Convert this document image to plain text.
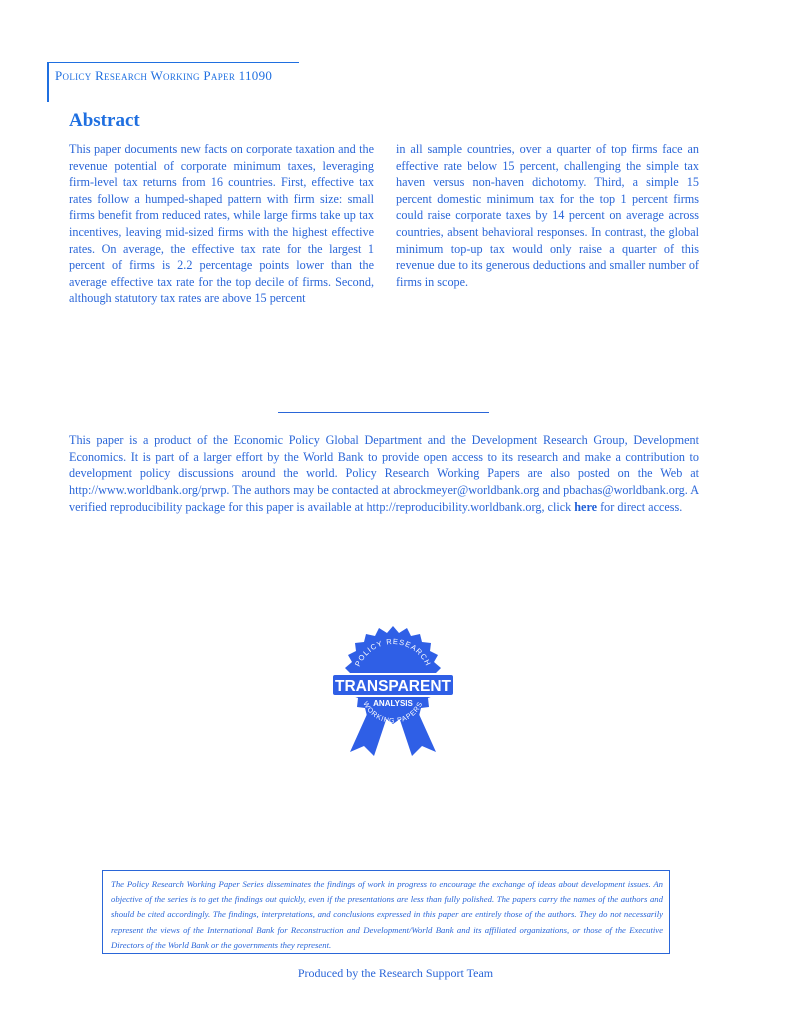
Policy Research Working Paper 11090
Abstract
This paper documents new facts on corporate taxation and the revenue potential of corporate minimum taxes, leveraging firm-level tax returns from 16 countries. First, effective tax rates follow a humped-shaped pattern with firm size: small firms benefit from reduced rates, while large firms take up tax incentives, leaving mid-sized firms with the highest effective rates. On average, the effective tax rate for the largest 1 percent of firms is 2.2 percentage points lower than the average effective tax rate for the top decile of firms. Second, although statutory tax rates are above 15 percent
in all sample countries, over a quarter of top firms face an effective rate below 15 percent, challenging the simple tax haven versus non-haven dichotomy. Third, a simple 15 percent domestic minimum tax for the top 1 percent firms could raise corporate taxes by 14 percent on average across countries, absent behavioral responses. In contrast, the global minimum top-up tax would only raise a quarter of this revenue due to its generous deductions and smaller number of firms in scope.
This paper is a product of the Economic Policy Global Department and the Development Research Group, Development Economics. It is part of a larger effort by the World Bank to provide open access to its research and make a contribution to development policy discussions around the world. Policy Research Working Papers are also posted on the Web at http://www.worldbank.org/prwp. The authors may be contacted at abrockmeyer@worldbank.org and pbachas@worldbank.org. A verified reproducibility package for this paper is available at http://reproducibility.worldbank.org, click here for direct access.
TRANSPARENT
POLICY RESEARCH
ANALYSIS
WORKING PAPERS
The Policy Research Working Paper Series disseminates the findings of work in progress to encourage the exchange of ideas about development issues. An objective of the series is to get the findings out quickly, even if the presentations are less than fully polished. The papers carry the names of the authors and should be cited accordingly. The findings, interpretations, and conclusions expressed in this paper are entirely those of the authors. They do not necessarily represent the views of the International Bank for Reconstruction and Development/World Bank and its affiliated organizations, or those of the Executive Directors of the World Bank or the governments they represent.
Produced by the Research Support Team
